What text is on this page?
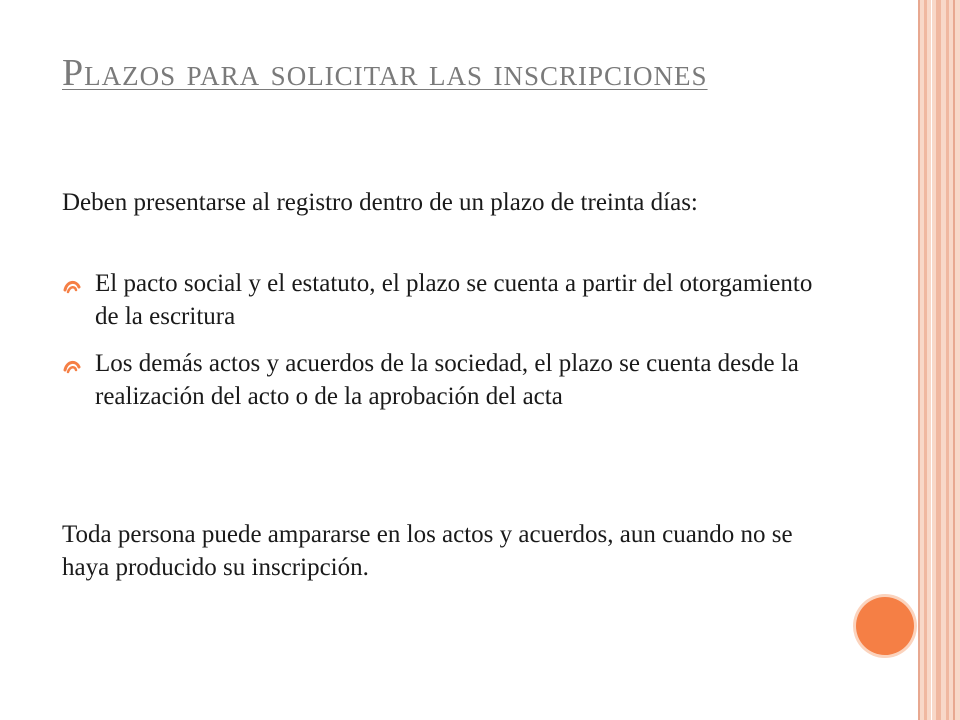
Plazos para solicitar las inscripciones

Deben presentarse al registro dentro de un plazo de treinta días:

El pacto social y el estatuto, el plazo se cuenta a partir del otorgamiento de la escritura
Los demás actos y acuerdos de la sociedad, el plazo se cuenta desde la realización del acto o de la aprobación del acta

Toda persona puede ampararse en los actos y acuerdos, aun cuando no se haya producido su inscripción.
